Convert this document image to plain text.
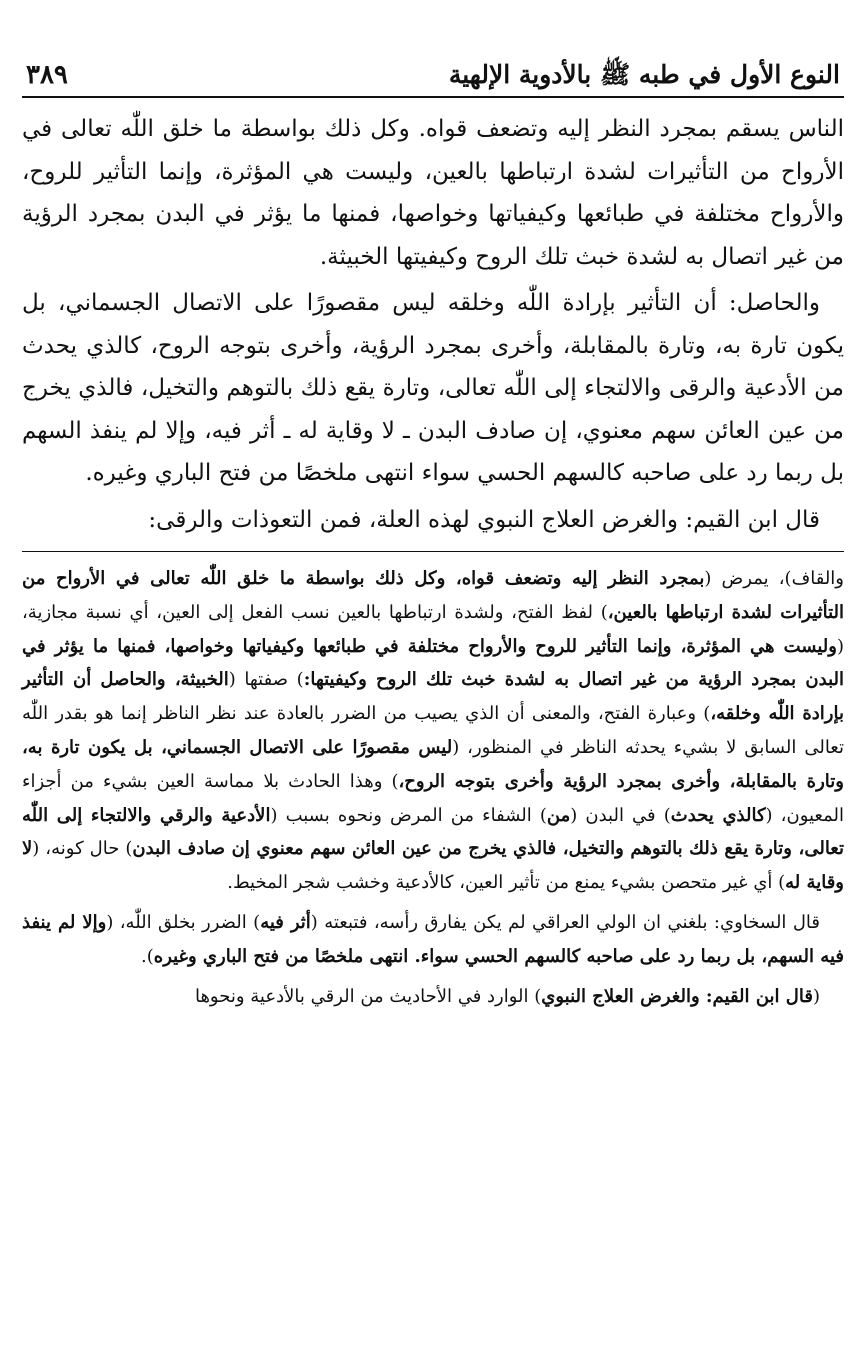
النوع الأول في طبه ﷺ بالأدوية الإلهية
٣٨٩

الناس يسقم بمجرد النظر إليه وتضعف قواه. وكل ذلك بواسطة ما خلق اللّٰه تعالى في الأرواح من التأثيرات لشدة ارتباطها بالعين، وليست هي المؤثرة، وإنما التأثير للروح، والأرواح مختلفة في طبائعها وكيفياتها وخواصها، فمنها ما يؤثر في البدن بمجرد الرؤية من غير اتصال به لشدة خبث تلك الروح وكيفيتها الخبيثة.

والحاصل: أن التأثير بإرادة اللّٰه وخلقه ليس مقصورًا على الاتصال الجسماني، بل يكون تارة به، وتارة بالمقابلة، وأخرى بمجرد الرؤية، وأخرى بتوجه الروح، كالذي يحدث من الأدعية والرقى والالتجاء إلى اللّٰه تعالى، وتارة يقع ذلك بالتوهم والتخيل، فالذي يخرج من عين العائن سهم معنوي، إن صادف البدن ـ لا وقاية له ـ أثر فيه، وإلا لم ينفذ السهم بل ربما رد على صاحبه كالسهم الحسي سواء انتهى ملخصًا من فتح الباري وغيره.

قال ابن القيم: والغرض العلاج النبوي لهذه العلة، فمن التعوذات والرقى:

والقاف)، يمرض (بمجرد النظر إليه وتضعف قواه، وكل ذلك بواسطة ما خلق اللّٰه تعالى في الأرواح من التأثيرات لشدة ارتباطها بالعين،) لفظ الفتح، ولشدة ارتباطها بالعين نسب الفعل إلى العين، أي نسبة مجازية، (وليست هي المؤثرة، وإنما التأثير للروح والأرواح مختلفة في طبائعها وكيفياتها وخواصها، فمنها ما يؤثر في البدن بمجرد الرؤية من غير اتصال به لشدة خبث تلك الروح وكيفيتها:) صفتها (الخبيثة، والحاصل أن التأثير بإرادة اللّٰه وخلقه،) وعبارة الفتح، والمعنى أن الذي يصيب من الضرر بالعادة عند نظر الناظر إنما هو بقدر اللّٰه تعالى السابق لا بشيء يحدثه الناظر في المنظور، (ليس مقصورًا على الاتصال الجسماني، بل يكون تارة به، وتارة بالمقابلة، وأخرى بمجرد الرؤية وأخرى بتوجه الروح،) وهذا الحادث بلا مماسة العين بشيء من أجزاء المعيون، (كالذي يحدث) في البدن (من) الشفاء من المرض ونحوه بسبب (الأدعية والرقي والالتجاء إلى اللّٰه تعالى، وتارة يقع ذلك بالتوهم والتخيل، فالذي يخرج من عين العائن سهم معنوي إن صادف البدن) حال كونه، (لا وقاية له) أي غير متحصن بشيء يمنع من تأثير العين، كالأدعية وخشب شجر المخيط.

قال السخاوي: بلغني ان الولي العراقي لم يكن يفارق رأسه، فتبعته (أثر فيه) الضرر بخلق اللّٰه، (وإلا لم ينفذ فيه السهم، بل ربما رد على صاحبه كالسهم الحسي سواء. انتهى ملخصًا من فتح الباري وغيره).

(قال ابن القيم: والغرض العلاج النبوي) الوارد في الأحاديث من الرقي بالأدعية ونحوها
